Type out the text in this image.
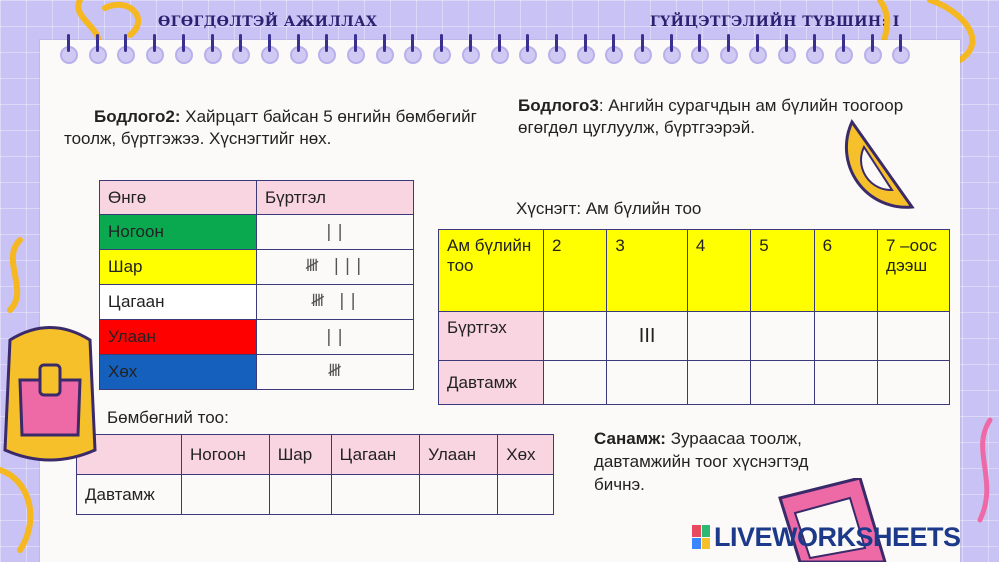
ӨГӨГДӨЛТЭЙ АЖИЛЛАХ	ГҮЙЦЭТГЭЛИЙН ТҮВШИН: I
Бодлого2: Хайрцагт байсан 5 өнгийн бөмбөгийг тоолж, бүртгэжээ. Хүснэгтийг нөх.
Бодлого3: Ангийн сурагчдын ам бүлийн тоогоор өгөгдөл цуглуулж, бүртгээрэй.
Өнгө	Бүртгэл
Ногоон	||
Шар	𝍸 |||
Цагаан	𝍸 ||
Улаан	||
Хөх	𝍸
Хүснэгт: Ам бүлийн тоо
Ам бүлийн тоо	2	3	4	5	6	7 –оос дээш
Бүртгэх		III				
Давтамж						
Бөмбөгний тоо:
	Ногоон	Шар	Цагаан	Улаан	Хөх
Давтамж					
Санамж: Зураасаа тоолж, давтамжийн тоог хүснэгтэд бичнэ.
LIVEWORKSHEETS
